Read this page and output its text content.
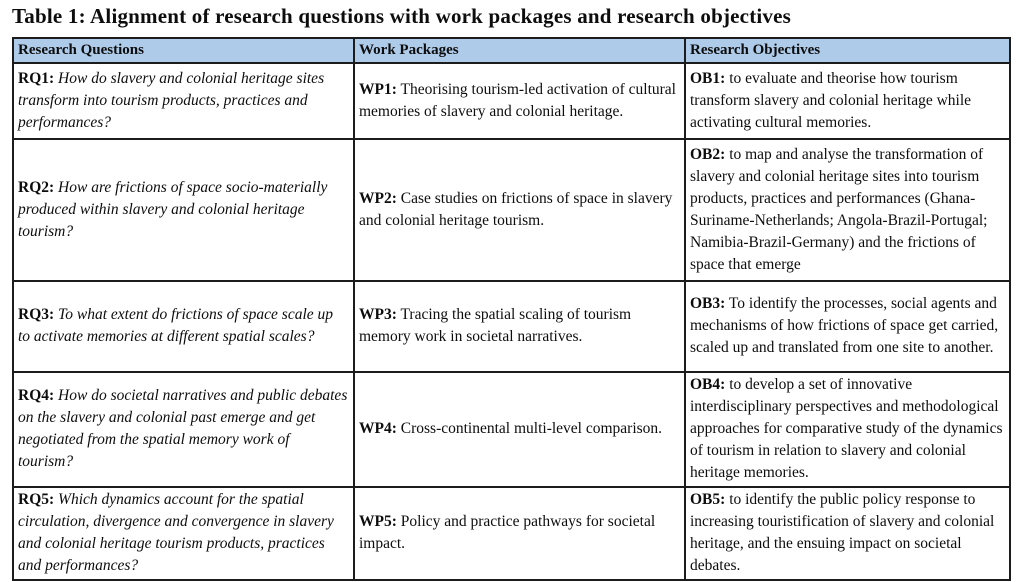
Table 1: Alignment of research questions with work packages and research objectives
Research Questions	Work Packages	Research Objectives
RQ1: How do slavery and colonial heritage sites transform into tourism products, practices and performances?	WP1: Theorising tourism-led activation of cultural memories of slavery and colonial heritage.	OB1: to evaluate and theorise how tourism transform slavery and colonial heritage while activating cultural memories.
RQ2: How are frictions of space socio-materially produced within slavery and colonial heritage tourism?	WP2: Case studies on frictions of space in slavery and colonial heritage tourism.	OB2: to map and analyse the transformation of slavery and colonial heritage sites into tourism products, practices and performances (Ghana-Suriname-Netherlands; Angola-Brazil-Portugal; Namibia-Brazil-Germany) and the frictions of space that emerge
RQ3: To what extent do frictions of space scale up to activate memories at different spatial scales?	WP3: Tracing the spatial scaling of tourism memory work in societal narratives.	OB3: To identify the processes, social agents and mechanisms of how frictions of space get carried, scaled up and translated from one site to another.
RQ4: How do societal narratives and public debates on the slavery and colonial past emerge and get negotiated from the spatial memory work of tourism?	WP4: Cross-continental multi-level comparison.	OB4: to develop a set of innovative interdisciplinary perspectives and methodological approaches for comparative study of the dynamics of tourism in relation to slavery and colonial heritage memories.
RQ5: Which dynamics account for the spatial circulation, divergence and convergence in slavery and colonial heritage tourism products, practices and performances?	WP5: Policy and practice pathways for societal impact.	OB5: to identify the public policy response to increasing touristification of slavery and colonial heritage, and the ensuing impact on societal debates.
